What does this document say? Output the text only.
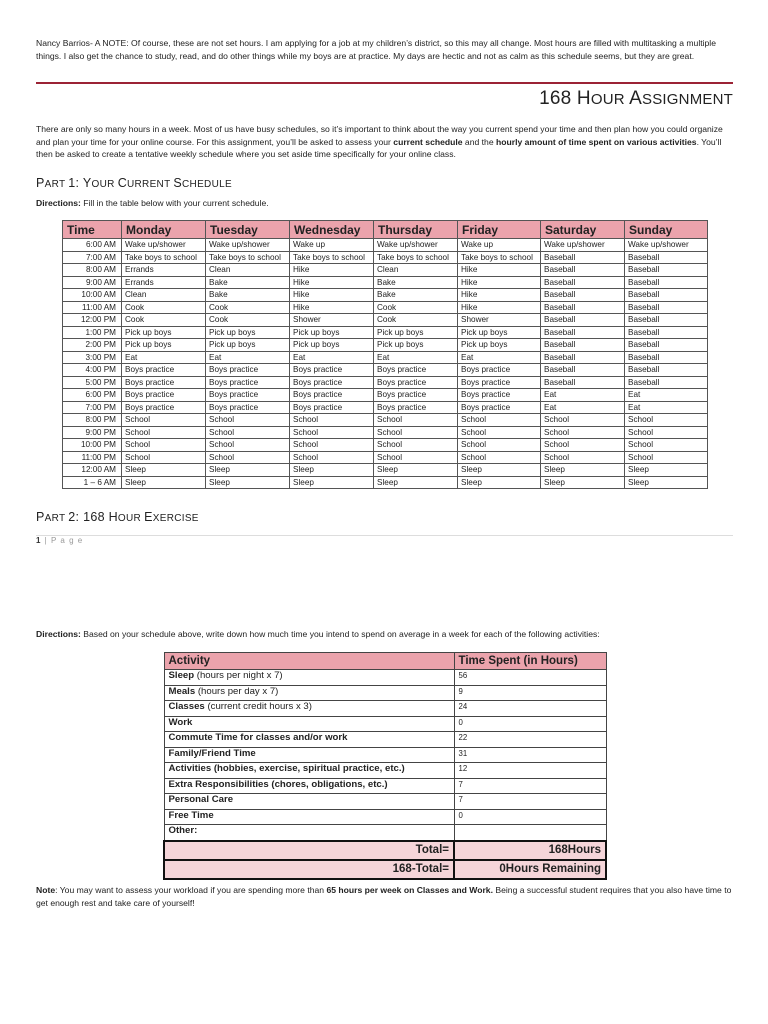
Nancy Barrios- A NOTE: Of course, these are not set hours. I am applying for a job at my children’s district, so this may all change. Most hours are filled with multitasking a multiple things. I also get the chance to study, read, and do other things while my boys are at practice. My days are hectic and not as calm as this schedule seems, but they are great.
168 HOUR ASSIGNMENT
There are only so many hours in a week. Most of us have busy schedules, so it’s important to think about the way you current spend your time and then plan how you could organize and plan your time for your online course. For this assignment, you’ll be asked to assess your current schedule and the hourly amount of time spent on various activities. You’ll then be asked to create a tentative weekly schedule where you set aside time specifically for your online class.
PART 1: YOUR CURRENT SCHEDULE
Directions: Fill in the table below with your current schedule.
Time	Monday	Tuesday	Wednesday	Thursday	Friday	Saturday	Sunday
6:00 AM	Wake up/shower	Wake up/shower	Wake up	Wake up/shower	Wake up	Wake up/shower	Wake up/shower
7:00 AM	Take boys to school	Take boys to school	Take boys to school	Take boys to school	Take boys to school	Baseball	Baseball
8:00 AM	Errands	Clean	Hike	Clean	Hike	Baseball	Baseball
9:00 AM	Errands	Bake	Hike	Bake	Hike	Baseball	Baseball
10:00 AM	Clean	Bake	Hike	Bake	Hike	Baseball	Baseball
11:00 AM	Cook	Cook	Hike	Cook	Hike	Baseball	Baseball
12:00 PM	Cook	Cook	Shower	Cook	Shower	Baseball	Baseball
1:00 PM	Pick up boys	Pick up boys	Pick up boys	Pick up boys	Pick up boys	Baseball	Baseball
2:00 PM	Pick up boys	Pick up boys	Pick up boys	Pick up boys	Pick up boys	Baseball	Baseball
3:00 PM	Eat	Eat	Eat	Eat	Eat	Baseball	Baseball
4:00 PM	Boys practice	Boys practice	Boys practice	Boys practice	Boys practice	Baseball	Baseball
5:00 PM	Boys practice	Boys practice	Boys practice	Boys practice	Boys practice	Baseball	Baseball
6:00 PM	Boys practice	Boys practice	Boys practice	Boys practice	Boys practice	Eat	Eat
7:00 PM	Boys practice	Boys practice	Boys practice	Boys practice	Boys practice	Eat	Eat
8:00 PM	School	School	School	School	School	School	School
9:00 PM	School	School	School	School	School	School	School
10:00 PM	School	School	School	School	School	School	School
11:00 PM	School	School	School	School	School	School	School
12:00 AM	Sleep	Sleep	Sleep	Sleep	Sleep	Sleep	Sleep
1 – 6 AM	Sleep	Sleep	Sleep	Sleep	Sleep	Sleep	Sleep
PART 2: 168 HOUR EXERCISE
1 | P a g e
Directions: Based on your schedule above, write down how much time you intend to spend on average in a week for each of the following activities:
Activity	Time Spent (in Hours)
Sleep (hours per night x 7)	56
Meals (hours per day x 7)	9
Classes (current credit hours x 3)	24
Work	0
Commute Time for classes and/or work	22
Family/Friend Time	31
Activities (hobbies, exercise, spiritual practice, etc.)	12
Extra Responsibilities (chores, obligations, etc.)	7
Personal Care	7
Free Time	0
Other:	
Total=	168Hours
168-Total=	0Hours Remaining
Note: You may want to assess your workload if you are spending more than 65 hours per week on Classes and Work. Being a successful student requires that you also have time to get enough rest and take care of yourself!
